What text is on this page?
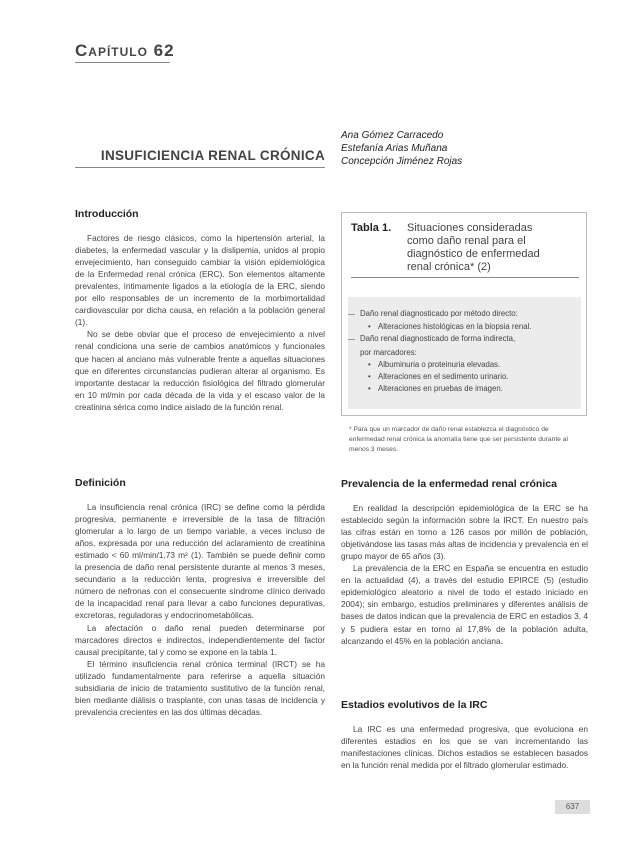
Capítulo 62
INSUFICIENCIA RENAL CRÓNICA
Ana Gómez Carracedo
Estefanía Arias Muñana
Concepción Jiménez Rojas
Introducción

Factores de riesgo clásicos, como la hipertensión arterial, la diabetes, la enfermedad vascular y la dislipemia, unidos al propio envejecimiento, han conseguido cambiar la visión epidemiológica de la Enfermedad renal crónica (ERC). Son elementos altamente prevalentes, íntimamente ligados a la etiología de la ERC, siendo por ello responsables de un incremento de la morbimortalidad cardiovascular por dicha causa, en relación a la población general (1).

No se debe obviar que el proceso de envejecimiento a nivel renal condiciona una serie de cambios anatómicos y funcionales que hacen al anciano más vulnerable frente a aquellas situaciones que en diferentes circunstancias pudieran alterar al organismo. Es importante destacar la reducción fisiológica del filtrado glomerular en 10 ml/min por cada década de la vida y el escaso valor de la creatinina sérica como índice aislado de la función renal.

Definición

La insuficiencia renal crónica (IRC) se define como la pérdida progresiva, permanente e irreversible de la tasa de filtración glomerular a lo largo de un tiempo variable, a veces incluso de años, expresada por una reducción del aclaramiento de creatinina estimado < 60 ml/min/1,73 m² (1). También se puede definir como la presencia de daño renal persistente durante al menos 3 meses, secundario a la reducción lenta, progresiva e irreversible del número de nefronas con el consecuente síndrome clínico derivado de la incapacidad renal para llevar a cabo funciones depurativas, excretoras, reguladoras y endocrinometabólicas.

La afectación o daño renal pueden determinarse por marcadores directos e indirectos, independientemente del factor causal precipitante, tal y como se expone en la tabla 1.

El término insuficiencia renal crónica terminal (IRCT) se ha utilizado fundamentalmente para referirse a aquella situación subsidiaria de inicio de tratamiento sustitutivo de la función renal, bien mediante diálisis o trasplante, con unas tasas de incidencia y prevalencia crecientes en las dos últimas décadas.

Tabla 1.	Situaciones consideradas como daño renal para el diagnóstico de enfermedad renal crónica* (2)
— Daño renal diagnosticado por método directo:
• Alteraciones histológicas en la biopsia renal.
— Daño renal diagnosticado de forma indirecta,
por marcadores:
• Albuminuria o proteinuria elevadas.
• Alteraciones en el sedimento urinario.
• Alteraciones en pruebas de imagen.
* Para que un marcador de daño renal establezca el diagnóstico de enfermedad renal crónica la anomalía tiene que ser persistente durante al menos 3 meses.
Prevalencia de la enfermedad renal crónica

En realidad la descripción epidemiológica de la ERC se ha establecido según la información sobre la IRCT. En nuestro país las cifras están en torno a 126 casos por millón de población, objetivándose las tasas más altas de incidencia y prevalencia en el grupo mayor de 65 años (3).

La prevalencia de la ERC en España se encuentra en estudio en la actualidad (4), a través del estudio EPIRCE (5) (estudio epidemiológico aleatorio a nivel de todo el estado iniciado en 2004); sin embargo, estudios preliminares y diferentes análisis de bases de datos indican que la prevalencia de ERC en estadios 3, 4 y 5 pudiera estar en torno al 17,8% de la población adulta, alcanzando el 45% en la población anciana.

Estadios evolutivos de la IRC

La IRC es una enfermedad progresiva, que evoluciona en diferentes estadios en los que se van incrementando las manifestaciones clínicas. Dichos estadios se establecen basados en la función renal medida por el filtrado glomerular estimado.

637
